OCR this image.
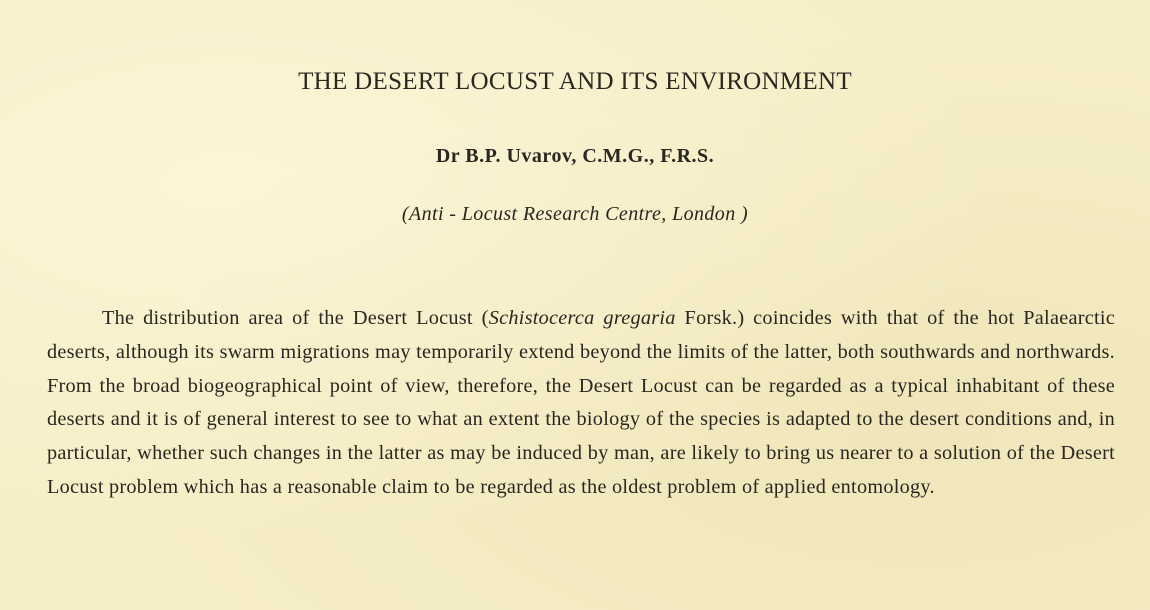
THE DESERT LOCUST AND ITS ENVIRONMENT

Dr B.P. Uvarov, C.M.G., F.R.S.

(Anti - Locust Research Centre, London )

The distribution area of the Desert Locust (Schistocerca gregaria Forsk.) coincides with that of the hot Palaearctic deserts, although its swarm migrations may temporarily extend beyond the limits of the latter, both southwards and northwards. From the broad biogeographical point of view, therefore, the Desert Locust can be regarded as a typical inhabitant of these deserts and it is of general interest to see to what an extent the biology of the species is adapted to the desert conditions and, in particular, whether such changes in the latter as may be induced by man, are likely to bring us nearer to a solution of the Desert Locust problem which has a reasonable claim to be regarded as the oldest problem of applied entomology.
